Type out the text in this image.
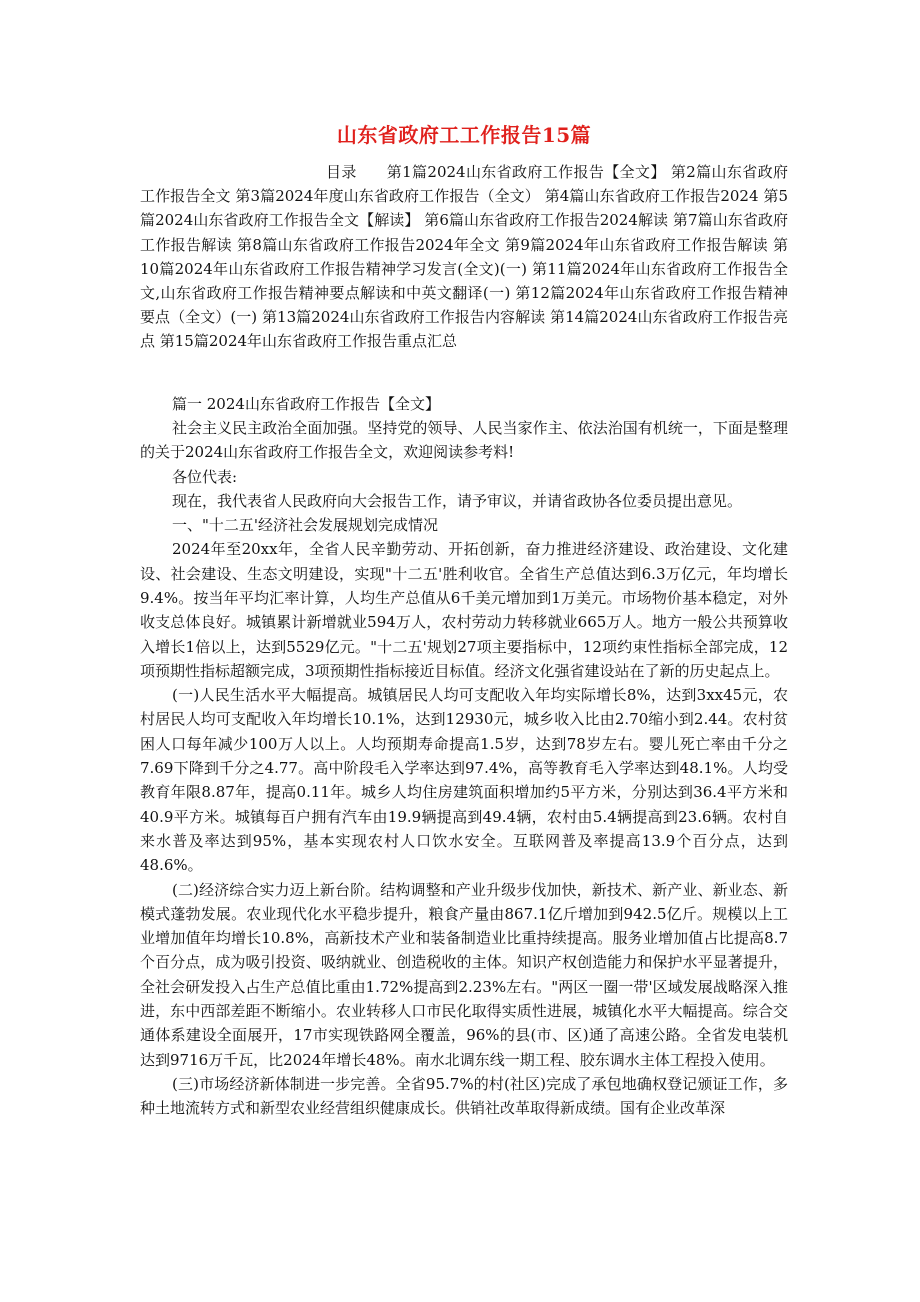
山东省政府工工作报告15篇

目录 第1篇2024山东省政府工作报告【全文】 第2篇山东省政府工作报告全文 第3篇2024年度山东省政府工作报告（全文） 第4篇山东省政府工作报告2024 第5篇2024山东省政府工作报告全文【解读】 第6篇山东省政府工作报告2024解读 第7篇山东省政府工作报告解读 第8篇山东省政府工作报告2024年全文 第9篇2024年山东省政府工作报告解读 第10篇2024年山东省政府工作报告精神学习发言(全文)(一) 第11篇2024年山东省政府工作报告全文,山东省政府工作报告精神要点解读和中英文翻译(一) 第12篇2024年山东省政府工作报告精神要点（全文）(一) 第13篇2024山东省政府工作报告内容解读 第14篇2024山东省政府工作报告亮点 第15篇2024年山东省政府工作报告重点汇总

篇一 2024山东省政府工作报告【全文】

社会主义民主政治全面加强。坚持党的领导、人民当家作主、依法治国有机统一，下面是整理的关于2024山东省政府工作报告全文，欢迎阅读参考料!

各位代表:

现在，我代表省人民政府向大会报告工作，请予审议，并请省政协各位委员提出意见。

一、"十二五'经济社会发展规划完成情况

2024年至20xx年，全省人民辛勤劳动、开拓创新，奋力推进经济建设、政治建设、文化建设、社会建设、生态文明建设，实现"十二五'胜利收官。全省生产总值达到6.3万亿元，年均增长9.4%。按当年平均汇率计算，人均生产总值从6千美元增加到1万美元。市场物价基本稳定，对外收支总体良好。城镇累计新增就业594万人，农村劳动力转移就业665万人。地方一般公共预算收入增长1倍以上，达到5529亿元。"十二五'规划27项主要指标中，12项约束性指标全部完成，12项预期性指标超额完成，3项预期性指标接近目标值。经济文化强省建设站在了新的历史起点上。

(一)人民生活水平大幅提高。城镇居民人均可支配收入年均实际增长8%，达到3xx45元，农村居民人均可支配收入年均增长10.1%，达到12930元，城乡收入比由2.70缩小到2.44。农村贫困人口每年减少100万人以上。人均预期寿命提高1.5岁，达到78岁左右。婴儿死亡率由千分之7.69下降到千分之4.77。高中阶段毛入学率达到97.4%，高等教育毛入学率达到48.1%。人均受教育年限8.87年，提高0.11年。城乡人均住房建筑面积增加约5平方米，分别达到36.4平方米和40.9平方米。城镇每百户拥有汽车由19.9辆提高到49.4辆，农村由5.4辆提高到23.6辆。农村自来水普及率达到95%，基本实现农村人口饮水安全。互联网普及率提高13.9个百分点，达到48.6%。

(二)经济综合实力迈上新台阶。结构调整和产业升级步伐加快，新技术、新产业、新业态、新模式蓬勃发展。农业现代化水平稳步提升，粮食产量由867.1亿斤增加到942.5亿斤。规模以上工业增加值年均增长10.8%，高新技术产业和装备制造业比重持续提高。服务业增加值占比提高8.7个百分点，成为吸引投资、吸纳就业、创造税收的主体。知识产权创造能力和保护水平显著提升，全社会研发投入占生产总值比重由1.72%提高到2.23%左右。"两区一圈一带'区域发展战略深入推进，东中西部差距不断缩小。农业转移人口市民化取得实质性进展，城镇化水平大幅提高。综合交通体系建设全面展开，17市实现铁路网全覆盖，96%的县(市、区)通了高速公路。全省发电装机达到9716万千瓦，比2024年增长48%。南水北调东线一期工程、胶东调水主体工程投入使用。

(三)市场经济新体制进一步完善。全省95.7%的村(社区)完成了承包地确权登记颁证工作，多种土地流转方式和新型农业经营组织健康成长。供销社改革取得新成绩。国有企业改革深
